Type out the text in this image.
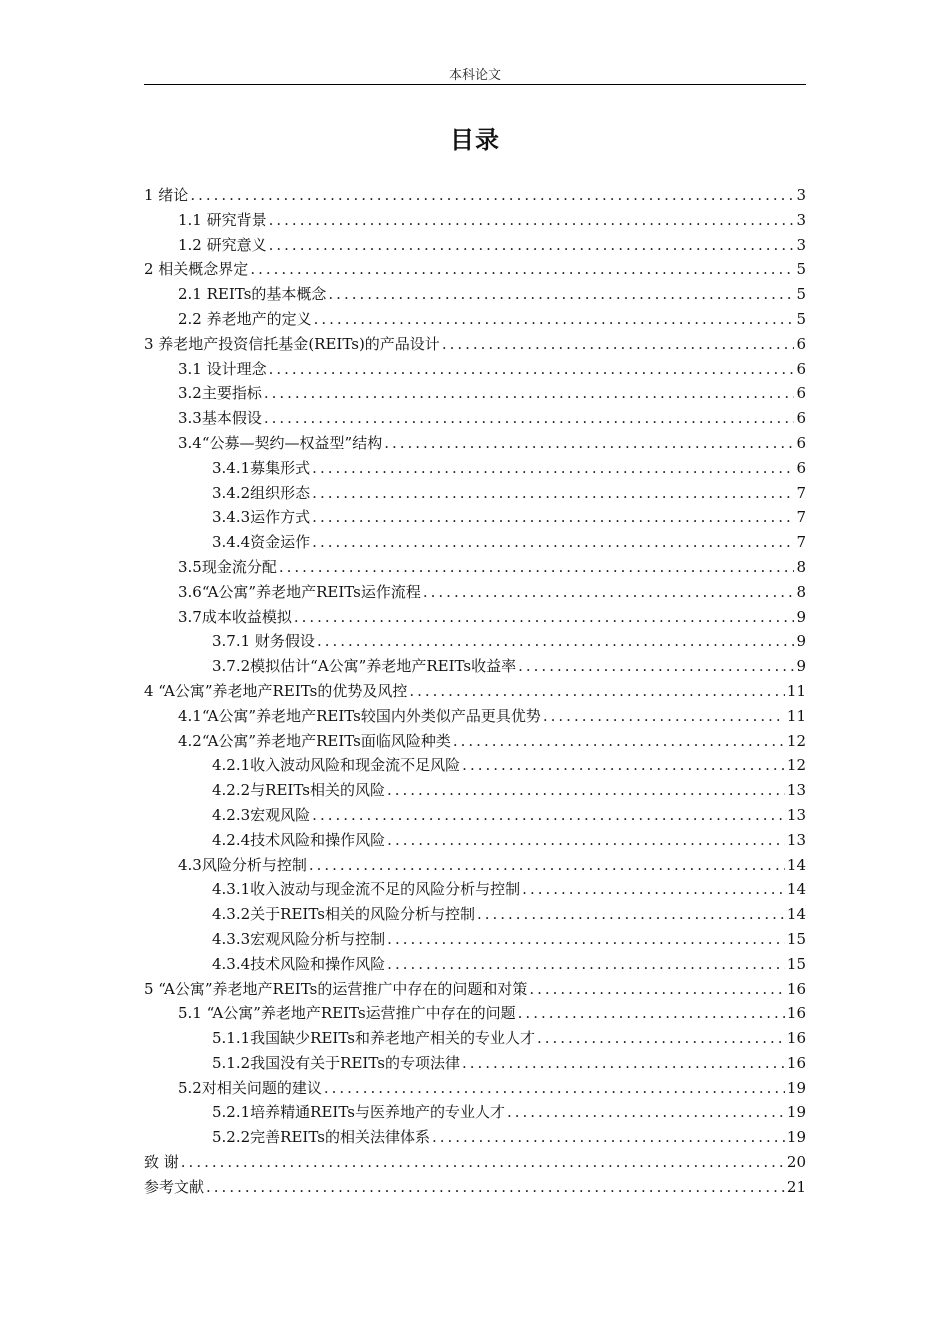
本科论文
目录
1 绪论 .....	3
1.1 研究背景 .....	3
1.2 研究意义 .....	3
2 相关概念界定 .....	5
2.1 REITs的基本概念 .....	5
2.2 养老地产的定义 .....	5
3 养老地产投资信托基金(REITs)的产品设计 .....	6
3.1 设计理念 .....	6
3.2主要指标 .....	6
3.3基本假设 .....	6
3.4“公募—契约—权益型”结构 .....	6
3.4.1募集形式 .....	6
3.4.2组织形态 .....	7
3.4.3运作方式 .....	7
3.4.4资金运作 .....	7
3.5现金流分配 .....	8
3.6“A公寓”养老地产REITs运作流程 .....	8
3.7成本收益模拟 .....	9
3.7.1 财务假设 .....	9
3.7.2模拟估计“A公寓”养老地产REITs收益率 .....	9
4 “A公寓”养老地产REITs的优势及风控 .....	11
4.1“A公寓”养老地产REITs较国内外类似产品更具优势 .....	11
4.2“A公寓”养老地产REITs面临风险种类 .....	12
4.2.1收入波动风险和现金流不足风险 .....	12
4.2.2与REITs相关的风险 .....	13
4.2.3宏观风险 .....	13
4.2.4技术风险和操作风险 .....	13
4.3风险分析与控制 .....	14
4.3.1收入波动与现金流不足的风险分析与控制 .....	14
4.3.2关于REITs相关的风险分析与控制 .....	14
4.3.3宏观风险分析与控制 .....	15
4.3.4技术风险和操作风险 .....	15
5 “A公寓”养老地产REITs的运营推广中存在的问题和对策 .....	16
5.1 “A公寓”养老地产REITs运营推广中存在的问题 .....	16
5.1.1我国缺少REITs和养老地产相关的专业人才 .....	16
5.1.2我国没有关于REITs的专项法律 .....	16
5.2对相关问题的建议 .....	19
5.2.1培养精通REITs与医养地产的专业人才 .....	19
5.2.2完善REITs的相关法律体系 .....	19
致 谢 .....	20
参考文献 .....	21
